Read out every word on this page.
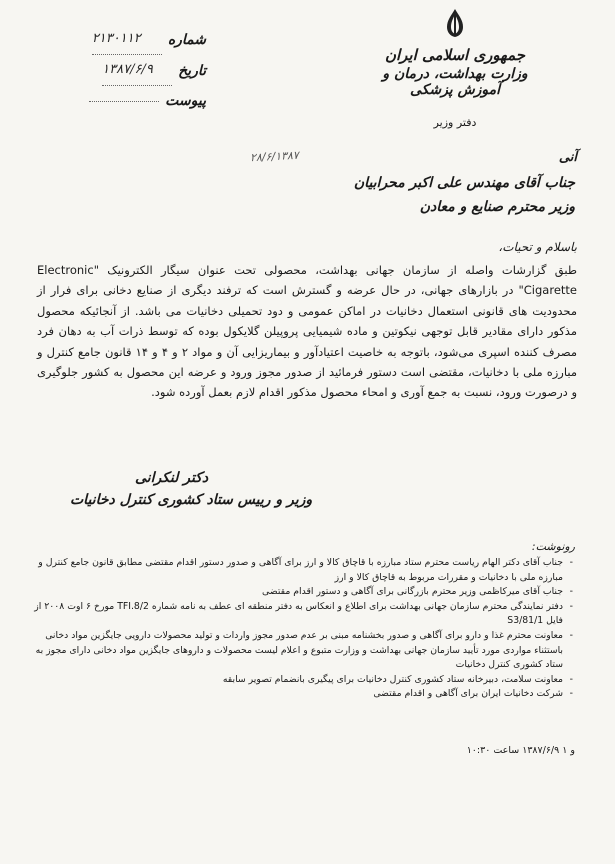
شماره
۲۱۳۰۱۱۲
تاریخ
۱۳۸۷/۶/۹
پیوست
جمهوری اسلامی ایران
وزارت بهداشت، درمان و آموزش پزشکی
دفتر وزیر
۲۸/۶/۱۳۸۷	آنی
جناب آقای مهندس علی اکبر محرابیان
وزیر محترم صنایع و معادن
باسلام و تحیات،

طبق گزارشات واصله از سازمان جهانی بهداشت، محصولی تحت عنوان سیگار الکترونیک "Electronic Cigarette" در بازارهای جهانی، در حال عرضه و گسترش است که ترفند دیگری از صنایع دخانی برای فرار از محدودیت های قانونی استعمال دخانیات در اماکن عمومی و دود تحمیلی دخانیات می باشد. از آنجائیکه محصول مذکور دارای مقادیر قابل توجهی نیکوتین و ماده شیمیایی پروپیلن گلایکول بوده که توسط ذرات آب به دهان فرد مصرف کننده اسپری می‌شود، باتوجه به خاصیت اعتیادآور و بیماریزایی آن و مواد ۲ و ۴ و ۱۴ قانون جامع کنترل و مبارزه ملی با دخانیات، مقتضی است دستور فرمائید از صدور مجوز ورود و عرضه این محصول به کشور جلوگیری و درصورت ورود، نسبت به جمع آوری و امحاء محصول مذکور اقدام لازم بعمل آورده شود.

دکتر لنکرانی
وزیر و رییس ستاد کشوری کنترل دخانیات
رونوشت:
- جناب آقای دکتر الهام ریاست محترم ستاد مبارزه با قاچاق کالا و ارز برای آگاهی و صدور دستور اقدام مقتضی مطابق قانون جامع کنترل و مبارزه ملی با دخانیات و مقررات مربوط به قاچاق کالا و ارز
- جناب آقای میرکاظمی وزیر محترم بازرگانی برای آگاهی و دستور اقدام مقتضی
- دفتر نمایندگی محترم سازمان جهانی بهداشت برای اطلاع و انعکاس به دفتر منطقه ای عطف به نامه شماره TFI.8/2 مورخ ۶ اوت ۲۰۰۸ از فایل S3/81/1
- معاونت محترم غذا و دارو برای آگاهی و صدور بخشنامه مبنی بر عدم صدور مجوز واردات و تولید محصولات دارویی جایگزین مواد دخانی باستثناء مواردی مورد تأیید سازمان جهانی بهداشت و وزارت متبوع و اعلام لیست محصولات و داروهای جایگزین مواد دخانی دارای مجوز به ستاد کشوری کنترل دخانیات
- معاونت سلامت، دبیرخانه ستاد کشوری کنترل دخانیات برای پیگیری بانضمام تصویر سابقه
- شرکت دخانیات ایران برای آگاهی و اقدام مقتضی
و ۱ ۱۳۸۷/۶/۹ ساعت ۱۰:۳۰
